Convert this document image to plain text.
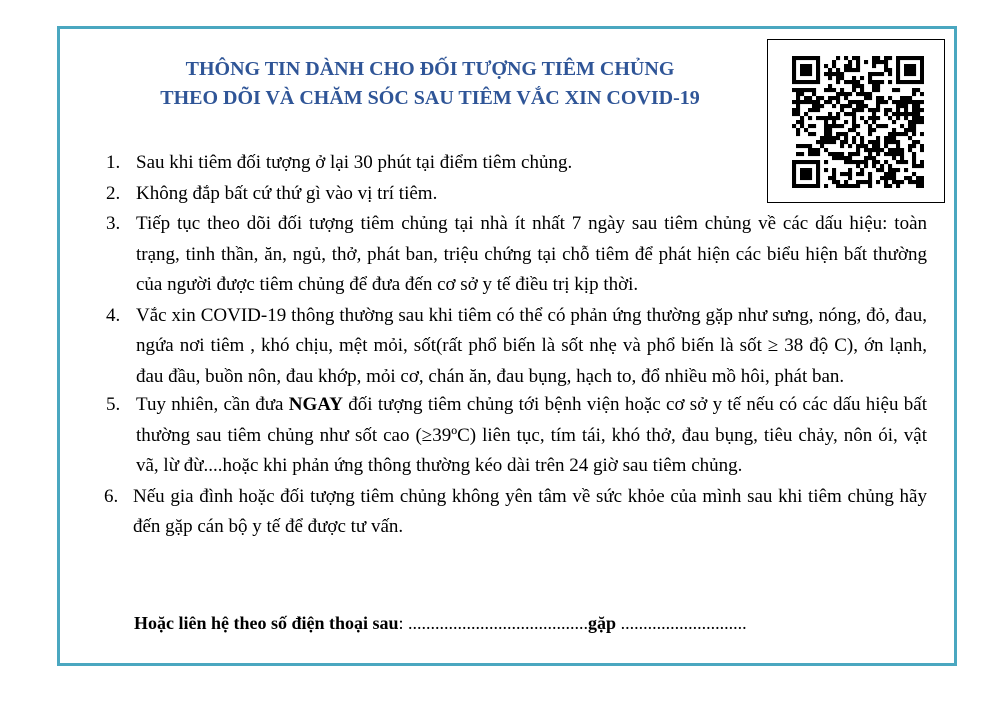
THÔNG TIN DÀNH CHO ĐỐI TƯỢNG TIÊM CHỦNG
THEO DÕI VÀ CHĂM SÓC SAU TIÊM VẮC XIN COVID-19
1. Sau khi tiêm đối tượng ở lại 30 phút tại điểm tiêm chủng.
2. Không đắp bất cứ thứ gì vào vị trí tiêm.
3. Tiếp tục theo dõi đối tượng tiêm chủng tại nhà ít nhất 7 ngày sau tiêm chủng về các dấu hiệu: toàn trạng, tinh thần, ăn, ngủ, thở, phát ban, triệu chứng tại chỗ tiêm để phát hiện các biểu hiện bất thường của người được tiêm chủng để đưa đến cơ sở y tế điều trị kịp thời.
4. Vắc xin COVID-19 thông thường sau khi tiêm có thể có phản ứng thường gặp như sưng, nóng, đỏ, đau, ngứa nơi tiêm , khó chịu, mệt mỏi, sốt(rất phổ biến là sốt nhẹ và phổ biến là sốt ≥ 38 độ C), ớn lạnh, đau đầu, buồn nôn, đau khớp, mỏi cơ, chán ăn, đau bụng, hạch to, đổ nhiều mồ hôi, phát ban.
5. Tuy nhiên, cần đưa NGAY đối tượng tiêm chủng tới bệnh viện hoặc cơ sở y tế nếu có các dấu hiệu bất thường sau tiêm chủng như sốt cao (≥39ºC) liên tục, tím tái, khó thở, đau bụng, tiêu chảy, nôn ói, vật vã, lừ đừ....hoặc khi phản ứng thông thường kéo dài trên 24 giờ sau tiêm chủng.
6. Nếu gia đình hoặc đối tượng tiêm chủng không yên tâm về sức khỏe của mình sau khi tiêm chủng hãy đến gặp cán bộ y tế để được tư vấn.
Hoặc liên hệ theo số điện thoại sau: ........................................gặp ............................
